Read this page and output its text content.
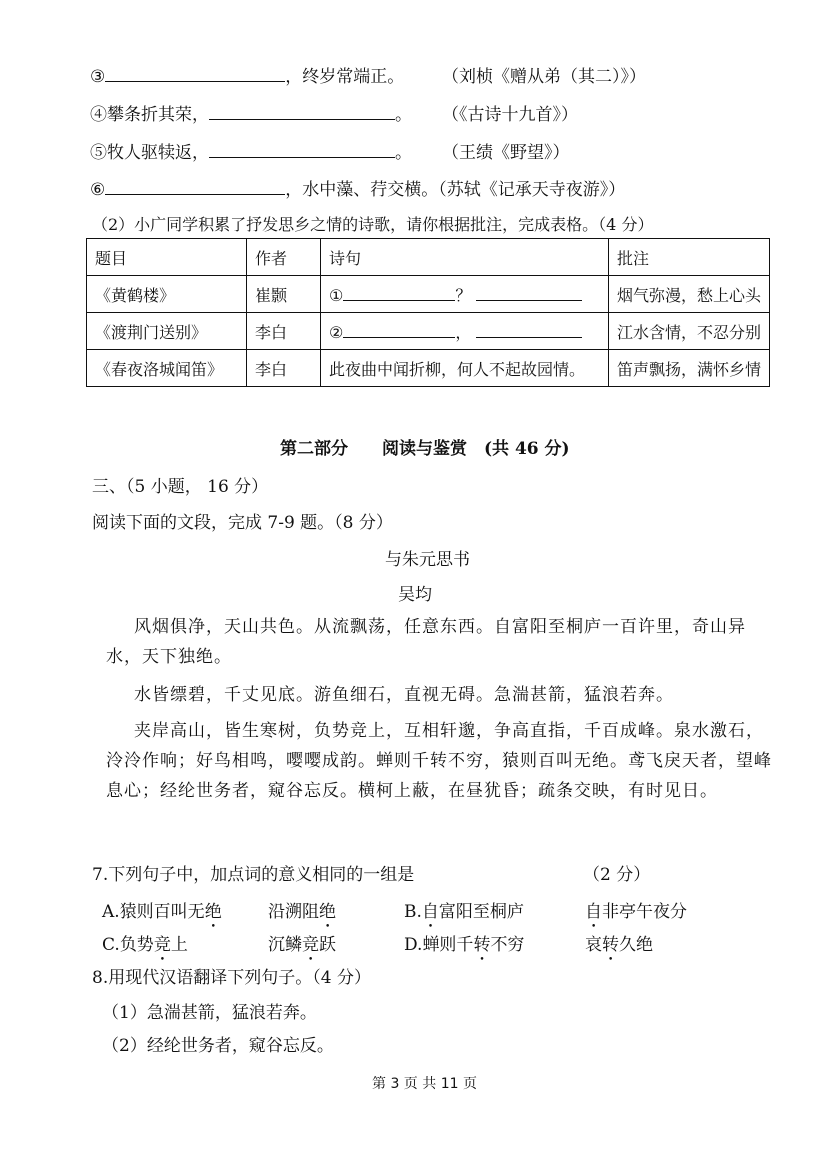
③	，终岁常端正。 （刘桢《赠从弟（其二）》）
④攀条折其荣，	。 （《古诗十九首》）
⑤牧人驱犊返，	。 （王绩《野望》）
⑥	，水中藻、荇交横。（苏轼《记承天寺夜游》）
（2）小广同学积累了抒发思乡之情的诗歌，请你根据批注，完成表格。（4 分）
题目	作者	诗句	批注
《黄鹤楼》	崔颢	① ？	烟气弥漫，愁上心头
《渡荆门送别》	李白	② ，	江水含情，不忍分别
《春夜洛城闻笛》	李白	此夜曲中闻折柳，何人不起故园情。	笛声飘扬，满怀乡情
第二部分　　阅读与鉴赏　(共 46 分)
三、（5 小题， 16 分）
阅读下面的文段，完成 7-9 题。（8 分）
与朱元思书
吴均
风烟俱净，天山共色。从流飘荡，任意东西。自富阳至桐庐一百许里，奇山异水，天下独绝。
水皆缥碧，千丈见底。游鱼细石，直视无碍。急湍甚箭，猛浪若奔。
夹岸高山，皆生寒树，负势竞上，互相轩邈，争高直指，千百成峰。泉水激石，泠泠作响；好鸟相鸣，嘤嘤成韵。蝉则千转不穷，猿则百叫无绝。鸢飞戾天者，望峰息心；经纶世务者，窥谷忘反。横柯上蔽，在昼犹昏；疏条交映，有时见日。
7.下列句子中，加点词的意义相同的一组是	（2 分）
A.猿则百叫无绝	沿溯阻绝	B.自富阳至桐庐	自非亭午夜分
C.负势竞上	沉鳞竞跃	D.蝉则千转不穷	哀转久绝
8.用现代汉语翻译下列句子。（4 分）
（1）急湍甚箭，猛浪若奔。
（2）经纶世务者，窥谷忘反。
第 3 页 共 11 页
